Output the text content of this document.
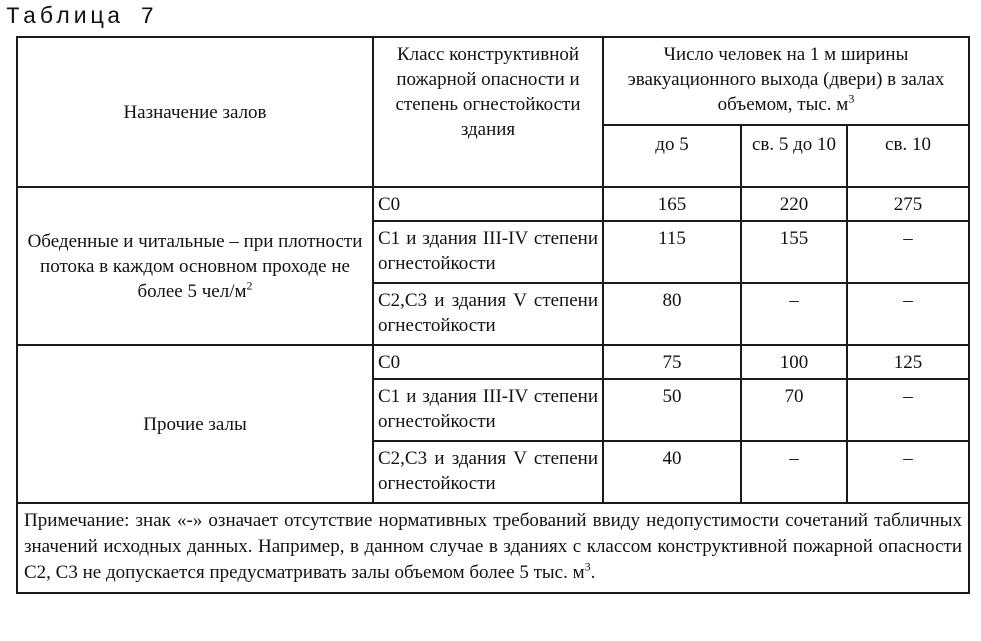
Таблица 7
Назначение залов	Класс конструктивной пожарной опасности и степень огнестойкости здания	Число человек на 1 м ширины эвакуационного выхода (двери) в залах объемом, тыс. $м^3$
		до 5	св. 5 до 10	св. 10
Обеденные и читальные – при плотности потока в каждом основном проходе не более 5 чел/$м^2$	С0	165	220	275
	С1 и здания III-IV степени огнестойкости	115	155	–
	С2,С3 и здания V степени огнестойкости	80	–	–
Прочие залы	С0	75	100	125
	С1 и здания III-IV степени огнестойкости	50	70	–
	С2,С3 и здания V степени огнестойкости	40	–	–
Примечание: знак «-» означает отсутствие нормативных требований ввиду недопустимости сочетаний табличных значений исходных данных. Например, в данном случае в зданиях с классом конструктивной пожарной опасности С2, С3 не допускается предусматривать залы объемом более 5 тыс. $м^3$.				
